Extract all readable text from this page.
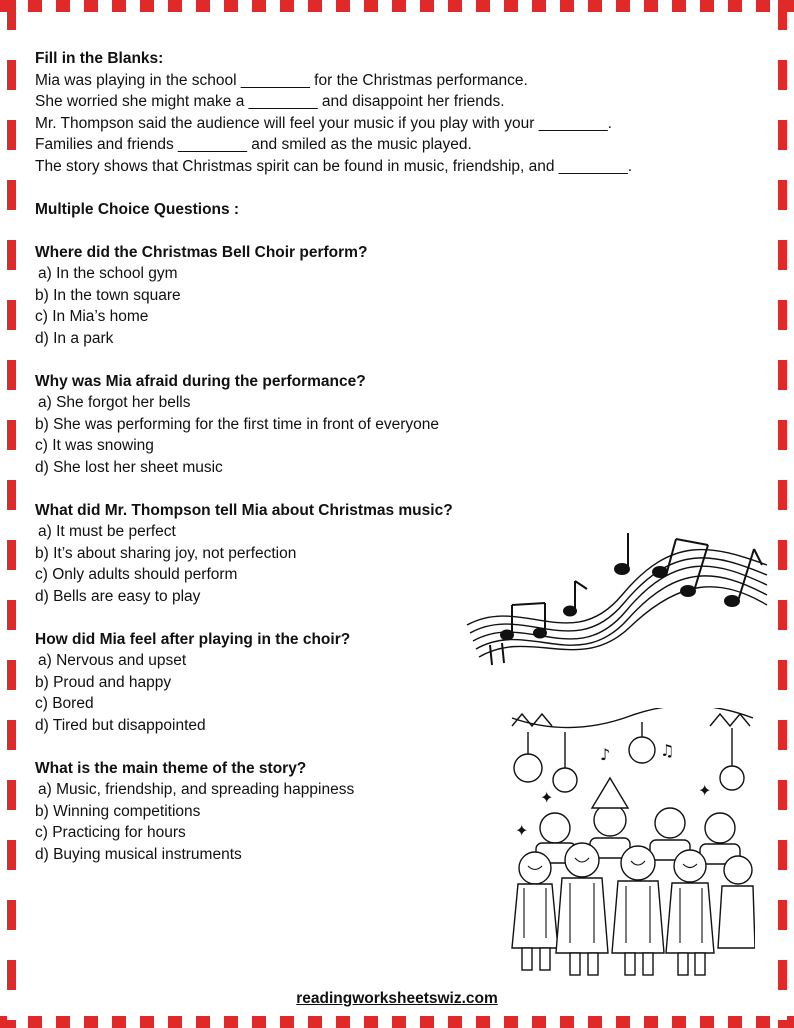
Fill in the Blanks:
Mia was playing in the school ________ for the Christmas performance.
She worried she might make a ________ and disappoint her friends.
Mr. Thompson said the audience will feel your music if you play with your ________.
Families and friends ________ and smiled as the music played.
The story shows that Christmas spirit can be found in music, friendship, and ________.
Multiple Choice Questions :
Where did the Christmas Bell Choir perform?
a) In the school gym
b) In the town square
c) In Mia’s home
d) In a park
Why was Mia afraid during the performance?
a) She forgot her bells
b) She was performing for the first time in front of everyone
c) It was snowing
d) She lost her sheet music
What did Mr. Thompson tell Mia about Christmas music?
a) It must be perfect
b) It’s about sharing joy, not perfection
c) Only adults should perform
d) Bells are easy to play
How did Mia feel after playing in the choir?
a) Nervous and upset
b) Proud and happy
c) Bored
d) Tired but disappointed
What is the main theme of the story?
a) Music, friendship, and spreading happiness
b) Winning competitions
c) Practicing for hours
d) Buying musical instruments
♪	♫
✦	✦
✦
readingworksheetswiz.com
